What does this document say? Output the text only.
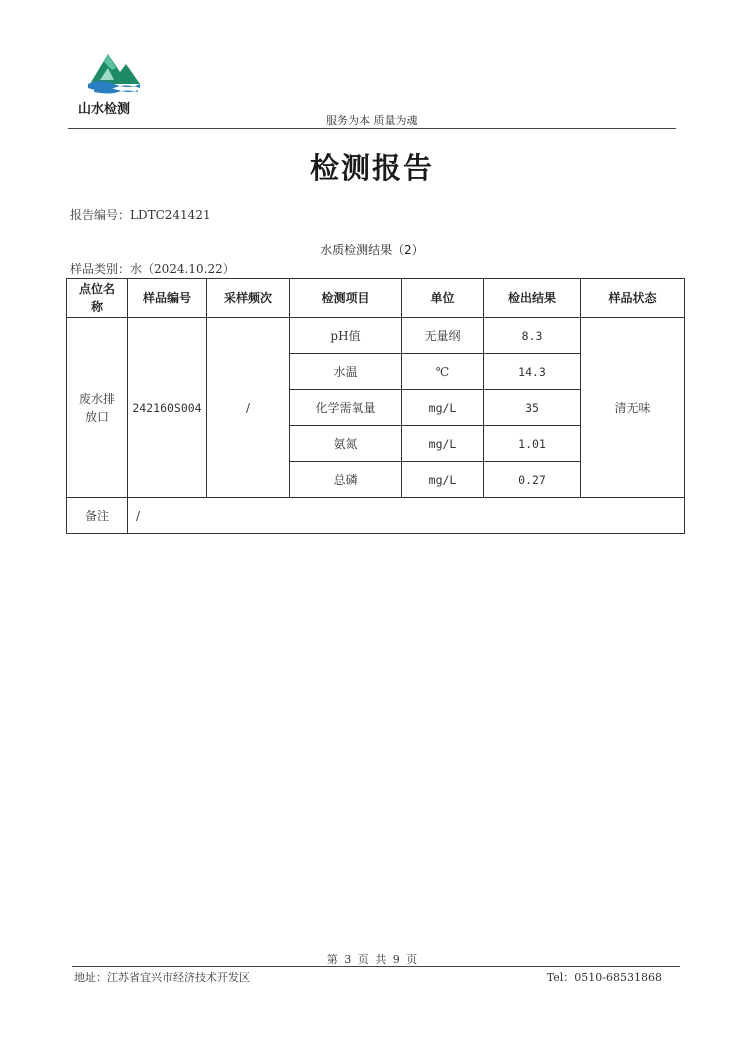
山水检测
服务为本 质量为魂
检测报告
报告编号：LDTC241421
水质检测结果（2）
样品类别：水（2024.10.22）
点位名称	样品编号	采样频次	检测项目	单位	检出结果	样品状态
废水排放口	242160S004	/	pH值	无量纲	8.3	清无味
			水温	℃	14.3	
			化学需氧量	mg/L	35	
			氨氮	mg/L	1.01	
			总磷	mg/L	0.27	
备注	/					
第 3 页 共 9 页
地址：江苏省宜兴市经济技术开发区	Tel：0510-68531868
